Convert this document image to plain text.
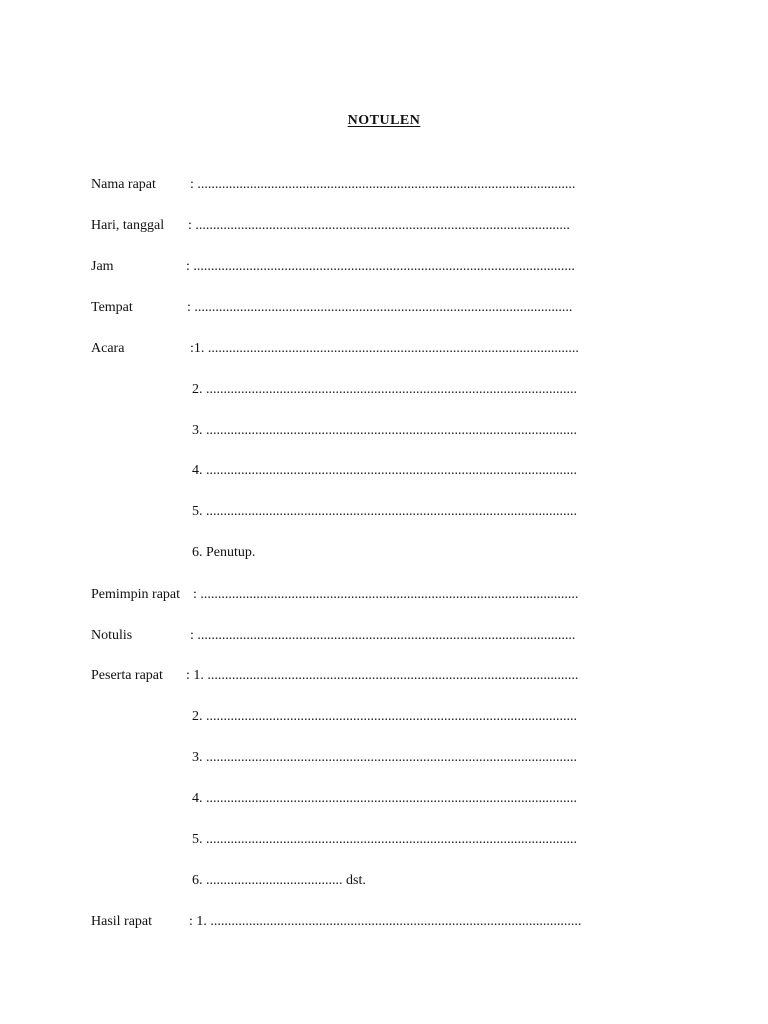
NOTULEN
Nama rapat : ............................................................................................................
Hari, tanggal : ...........................................................................................................
Jam	: .............................................................................................................
Tempat	: ............................................................................................................
Acara	:1. ..........................................................................................................
2. ..........................................................................................................
3. ..........................................................................................................
4. ..........................................................................................................
5. ..........................................................................................................
6. Penutup.
Pemimpin rapat : ............................................................................................................
Notulis	: ............................................................................................................
Peserta rapat : 1. ..........................................................................................................
2. ..........................................................................................................
3. ..........................................................................................................
4. ..........................................................................................................
5. ..........................................................................................................
6. ....................................... dst.
Hasil rapat	: 1. ..........................................................................................................
